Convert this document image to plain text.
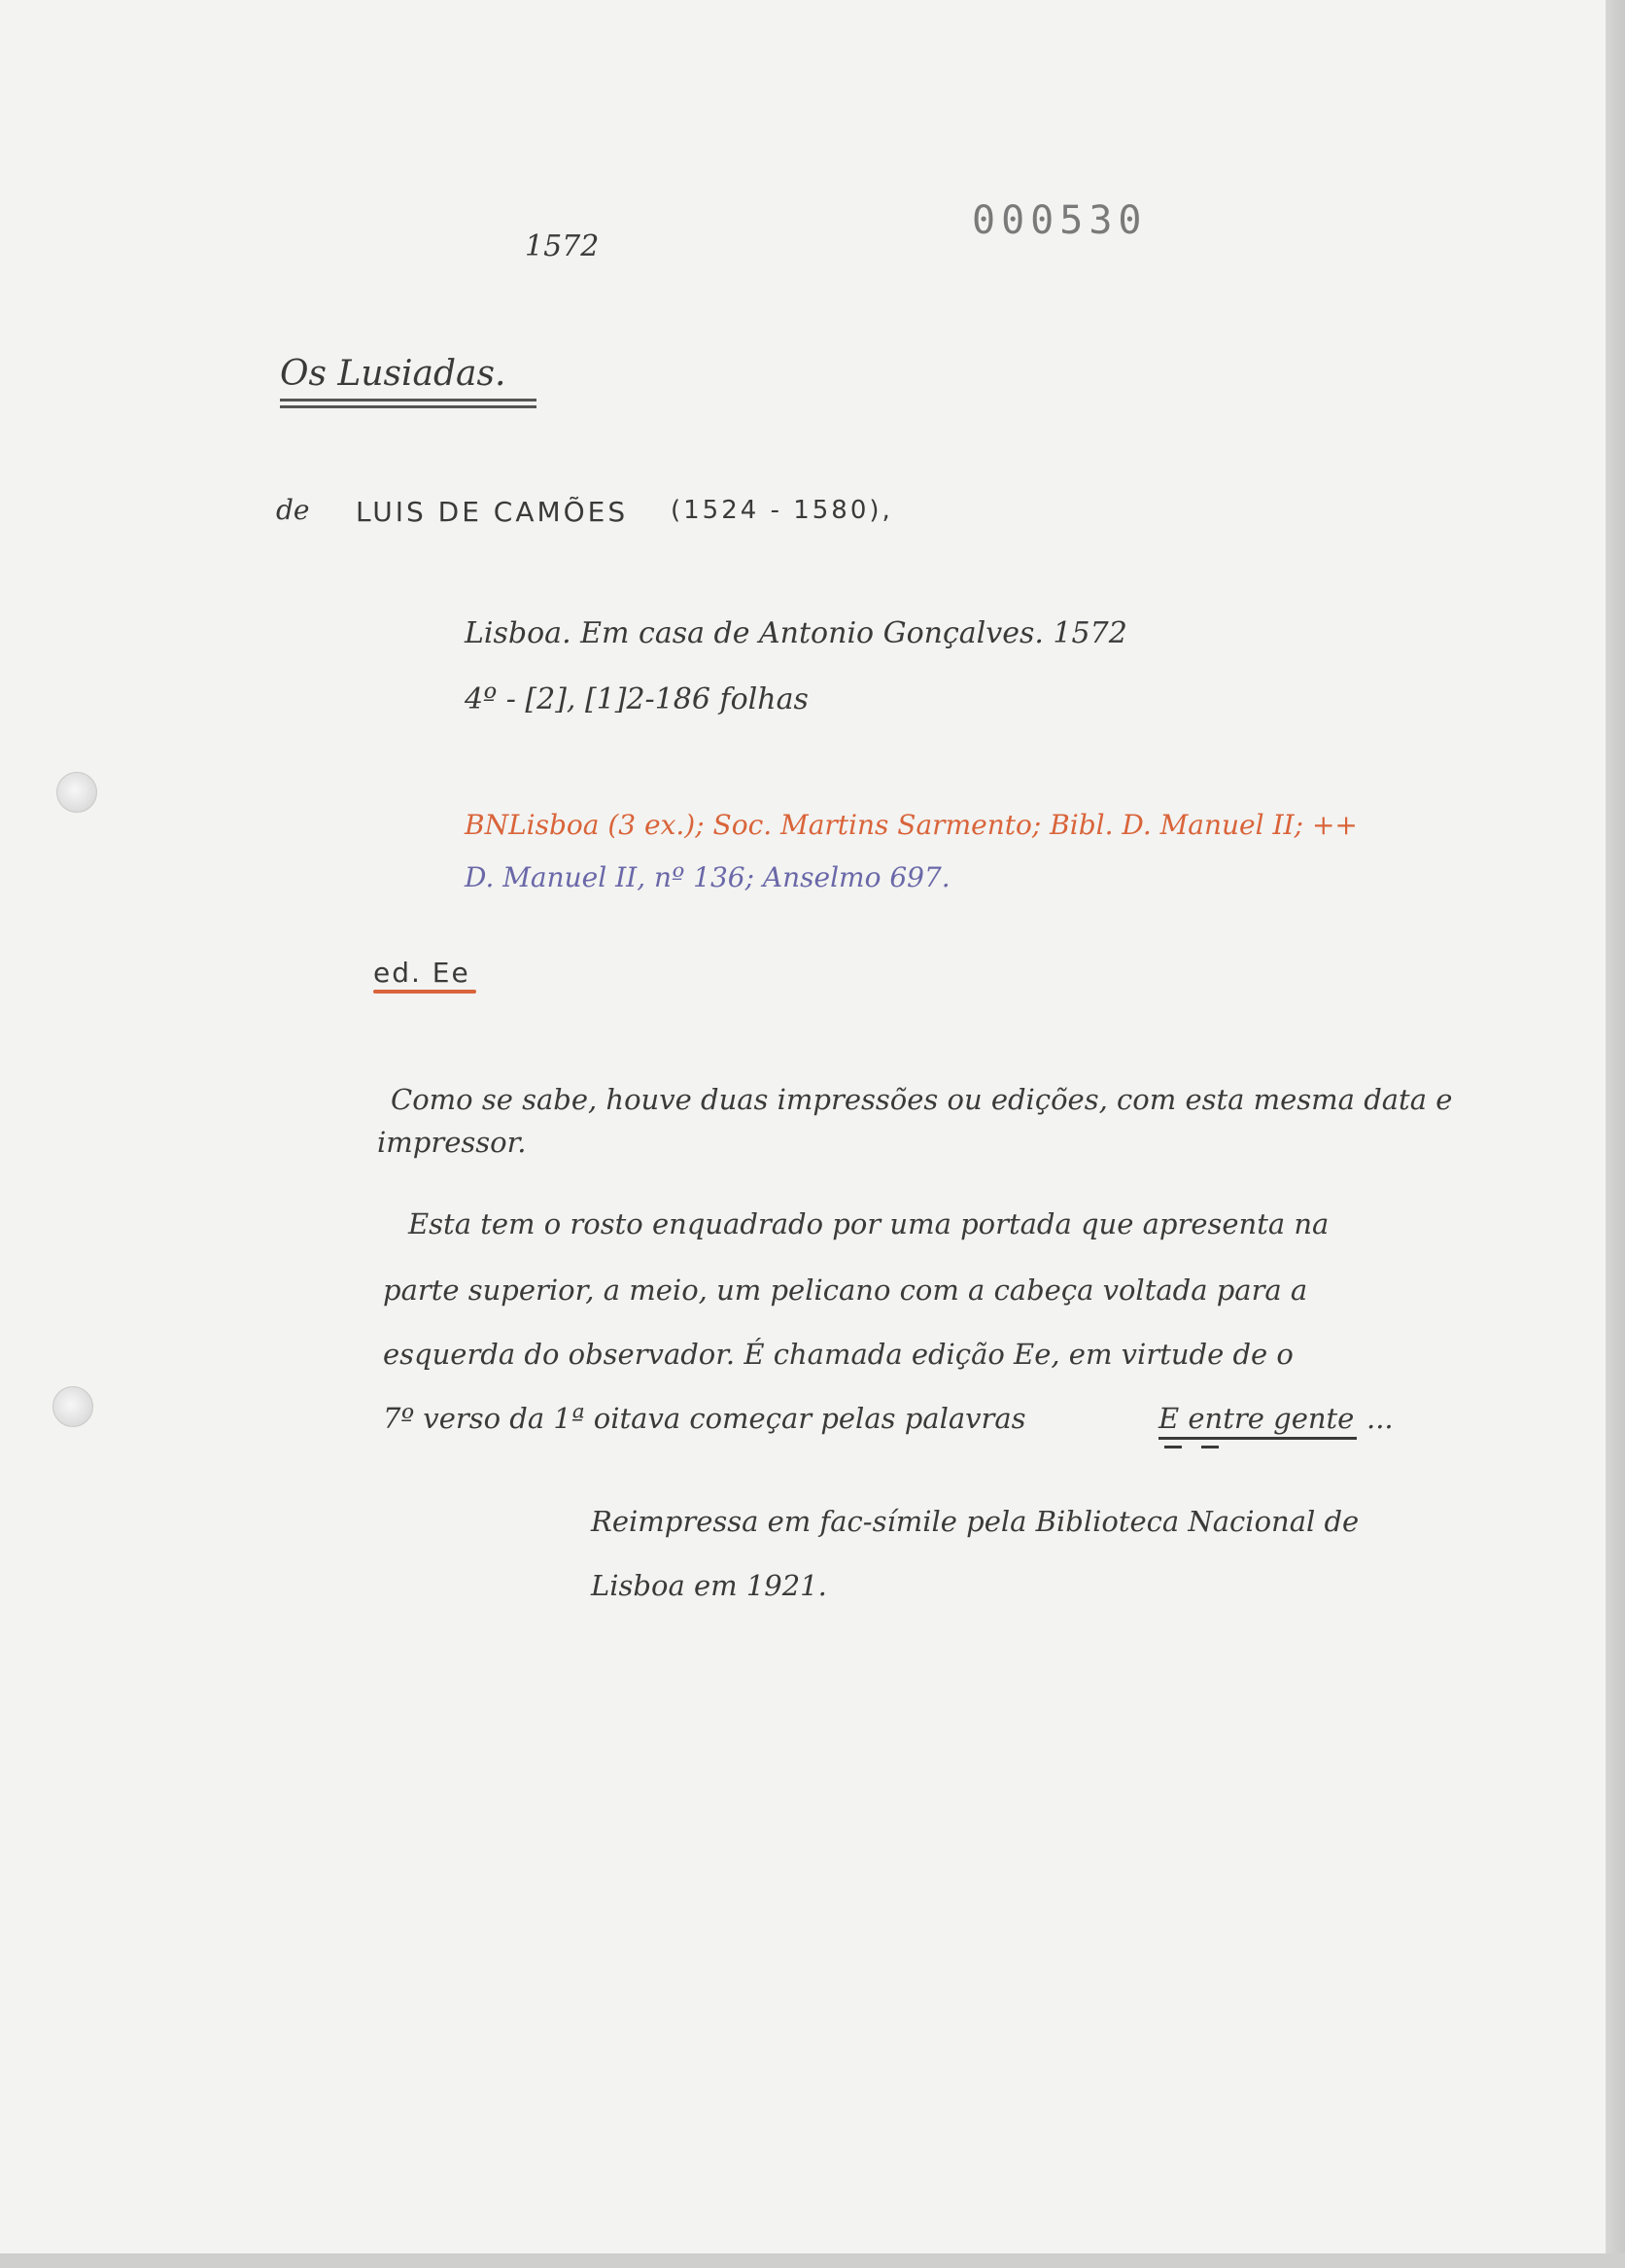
1572
000530
Os Lusiadas.
de LUIS DE CAMÕES (1524 - 1580),
Lisboa. Em casa de Antonio Gonçalves. 1572
4º - [2], [1]2-186 folhas
BNLisboa (3 ex.); Soc. Martins Sarmento; Bibl. D. Manuel II; ++
D. Manuel II, nº 136; Anselmo 697.
ed. Ee
Como se sabe, houve duas impressões ou edições, com esta mesma data e
impressor.
Esta tem o rosto enquadrado por uma portada que apresenta na
parte superior, a meio, um pelicano com a cabeça voltada para a
esquerda do observador. É chamada edição Ee, em virtude de o
7º verso da 1ª oitava começar pelas palavras	E entre gente ...
Reimpressa em fac-símile pela Biblioteca Nacional de
Lisboa em 1921.
